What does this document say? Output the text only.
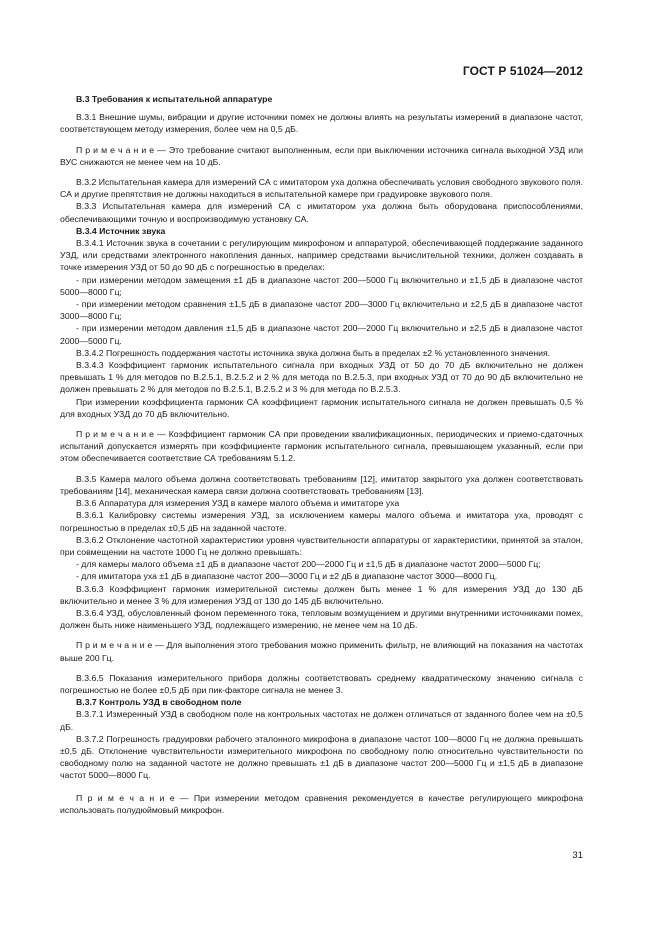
ГОСТ Р 51024—2012

В.3 Требования к испытательной аппаратуре

В.3.1 Внешние шумы, вибрации и другие источники помех не должны влиять на результаты измерений в диапазоне частот, соответствующем методу измерения, более чем на 0,5 дБ.

П р и м е ч а н и е — Это требование считают выполненным, если при выключении источника сигнала выходной УЗД или ВУС снижаются не менее чем на 10 дБ.

В.3.2 Испытательная камера для измерений СА с имитатором уха должна обеспечивать условия свободного звукового поля. СА и другие препятствия не должны находиться в испытательной камере при градуировке звукового поля.

В.3.3 Испытательная камера для измерений СА с имитатором уха должна быть оборудована приспособлениями, обеспечивающими точную и воспроизводимую установку СА.

В.3.4 Источник звука

В.3.4.1 Источник звука в сочетании с регулирующим микрофоном и аппаратурой, обеспечивающей поддержание заданного УЗД, или средствами электронного накопления данных, например средствами вычислительной техники, должен создавать в точке измерения УЗД от 50 до 90 дБ с погрешностью в пределах:

- при измерении методом замещения ±1 дБ в диапазоне частот 200—5000 Гц включительно и ±1,5 дБ в диапазоне частот 5000—8000 Гц;

- при измерении методом сравнения ±1,5 дБ в диапазоне частот 200—3000 Гц включительно и ±2,5 дБ в диапазоне частот 3000—8000 Гц;

- при измерении методом давления ±1,5 дБ в диапазоне частот 200—2000 Гц включительно и ±2,5 дБ в диапазоне частот 2000—5000 Гц.

В.3.4.2 Погрешность поддержания частоты источника звука должна быть в пределах ±2 % установленного значения.

В.3.4.3 Коэффициент гармоник испытательного сигнала при входных УЗД от 50 до 70 дБ включительно не должен превышать 1 % для методов по В.2.5.1, В.2.5.2 и 2 % для метода по В.2.5.3, при входных УЗД от 70 до 90 дБ включительно не должен превышать 2 % для методов по В.2.5.1, В.2.5.2 и 3 % для метода по В.2.5.3.

При измерении коэффициента гармоник СА коэффициент гармоник испытательного сигнала не должен превышать 0,5 % для входных УЗД до 70 дБ включительно.

П р и м е ч а н и е — Коэффициент гармоник СА при проведении квалификационных, периодических и приемо-сдаточных испытаний допускается измерять при коэффициенте гармоник испытательного сигнала, превышающем указанный, если при этом обеспечивается соответствие СА требованиям 5.1.2.

В.3.5 Камера малого объема должна соответствовать требованиям [12], имитатор закрытого уха должен соответствовать требованиям [14], механическая камера связи должна соответствовать требованиям [13].

В.3.6 Аппаратура для измерения УЗД в камере малого объема и имитаторе уха

В.3.6.1 Калибровку системы измерения УЗД, за исключением камеры малого объема и имитатора уха, проводят с погрешностью в пределах ±0,5 дБ на заданной частоте.

В.3.6.2 Отклонение частотной характеристики уровня чувствительности аппаратуры от характеристики, принятой за эталон, при совмещении на частоте 1000 Гц не должно превышать:

- для камеры малого объема ±1 дБ в диапазоне частот 200—2000 Гц и ±1,5 дБ в диапазоне частот 2000—5000 Гц;

- для имитатора уха ±1 дБ в диапазоне частот 200—3000 Гц и ±2 дБ в диапазоне частот 3000—8000 Гц.

В.3.6.3 Коэффициент гармоник измерительной системы должен быть менее 1 % для измерения УЗД до 130 дБ включительно и менее 3 % для измерения УЗД от 130 до 145 дБ включительно.

В.3.6.4 УЗД, обусловленный фоном переменного тока, тепловым возмущением и другими внутренними источниками помех, должен быть ниже наименьшего УЗД, подлежащего измерению, не менее чем на 10 дБ.

П р и м е ч а н и е — Для выполнения этого требования можно применить фильтр, не влияющий на показания на частотах выше 200 Гц.

В.3.6.5 Показания измерительного прибора должны соответствовать среднему квадратическому значению сигнала с погрешностью не более ±0,5 дБ при пик-факторе сигнала не менее 3.

В.3.7 Контроль УЗД в свободном поле

В.3.7.1 Измеренный УЗД в свободном поле на контрольных частотах не должен отличаться от заданного более чем на ±0,5 дБ.

В.3.7.2 Погрешность градуировки рабочего эталонного микрофона в диапазоне частот 100—8000 Гц не должна превышать ±0,5 дБ. Отклонение чувствительности измерительного микрофона по свободному полю относительно чувствительности по свободному полю на заданной частоте не должно превышать ±1 дБ в диапазоне частот 200—5000 Гц и ±1,5 дБ в диапазоне частот 5000—8000 Гц.

П р и м е ч а н и е — При измерении методом сравнения рекомендуется в качестве регулирующего микрофона использовать полудюймовый микрофон.

31
